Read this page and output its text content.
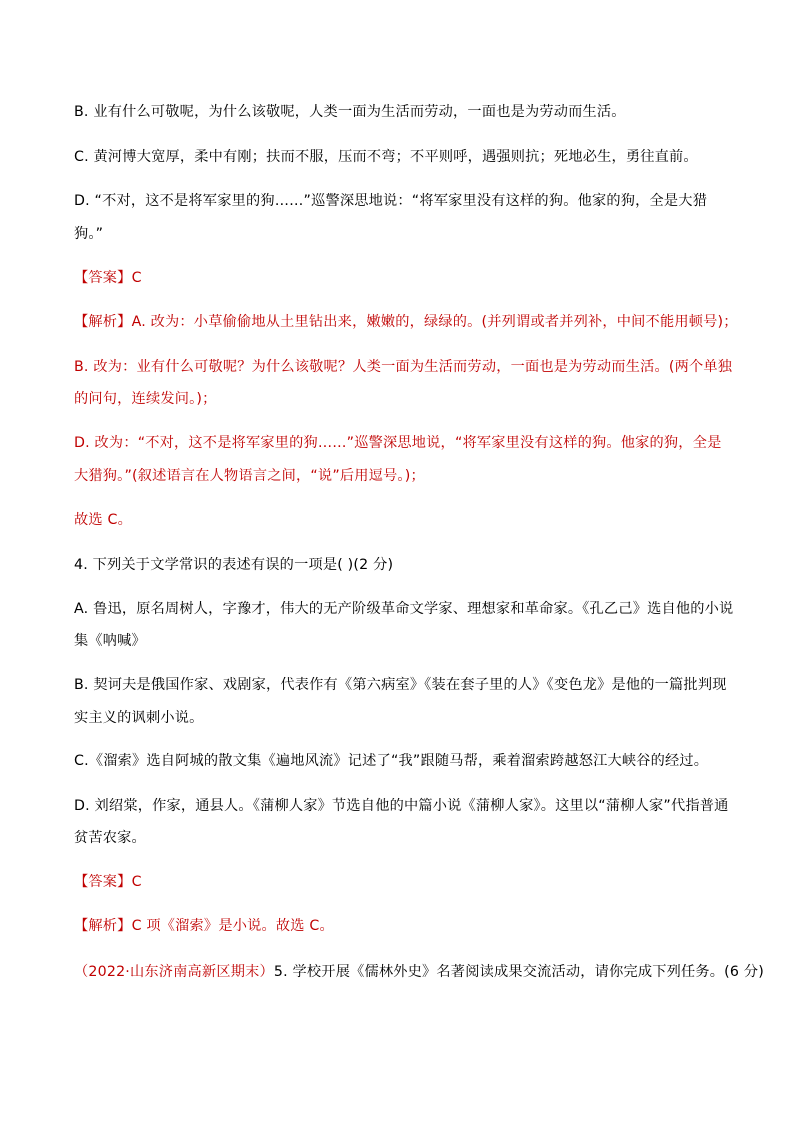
B. 业有什么可敬呢，为什么该敬呢，人类一面为生活而劳动，一面也是为劳动而生活。
C. 黄河博大宽厚，柔中有刚；扶而不服，压而不弯；不平则呼，遇强则抗；死地必生，勇往直前。
D. “不对，这不是将军家里的狗……”巡警深思地说：“将军家里没有这样的狗。他家的狗，全是大猎
狗。”
【答案】C
【解析】A. 改为：小草偷偷地从土里钻出来，嫩嫩的，绿绿的。(并列谓或者并列补，中间不能用顿号)；
B. 改为：业有什么可敬呢？为什么该敬呢？人类一面为生活而劳动，一面也是为劳动而生活。(两个单独
的问句，连续发问。)；
D. 改为：“不对，这不是将军家里的狗……”巡警深思地说，“将军家里没有这样的狗。他家的狗，全是
大猎狗。”(叙述语言在人物语言之间，“说”后用逗号。)；
故选 C。
4. 下列关于文学常识的表述有误的一项是( )(2 分)
A. 鲁迅，原名周树人，字豫才，伟大的无产阶级革命文学家、理想家和革命家。《孔乙己》选自他的小说
集《呐喊》
B. 契诃夫是俄国作家、戏剧家，代表作有《第六病室》《装在套子里的人》《变色龙》是他的一篇批判现
实主义的讽刺小说。
C.《溜索》选自阿城的散文集《遍地风流》记述了“我”跟随马帮，乘着溜索跨越怒江大峡谷的经过。
D. 刘绍棠，作家，通县人。《蒲柳人家》节选自他的中篇小说《蒲柳人家》。这里以“蒲柳人家”代指普通
贫苦农家。
【答案】C
【解析】C 项《溜索》是小说。故选 C。
（2022·山东济南高新区期末）5. 学校开展《儒林外史》名著阅读成果交流活动，请你完成下列任务。(6 分)
